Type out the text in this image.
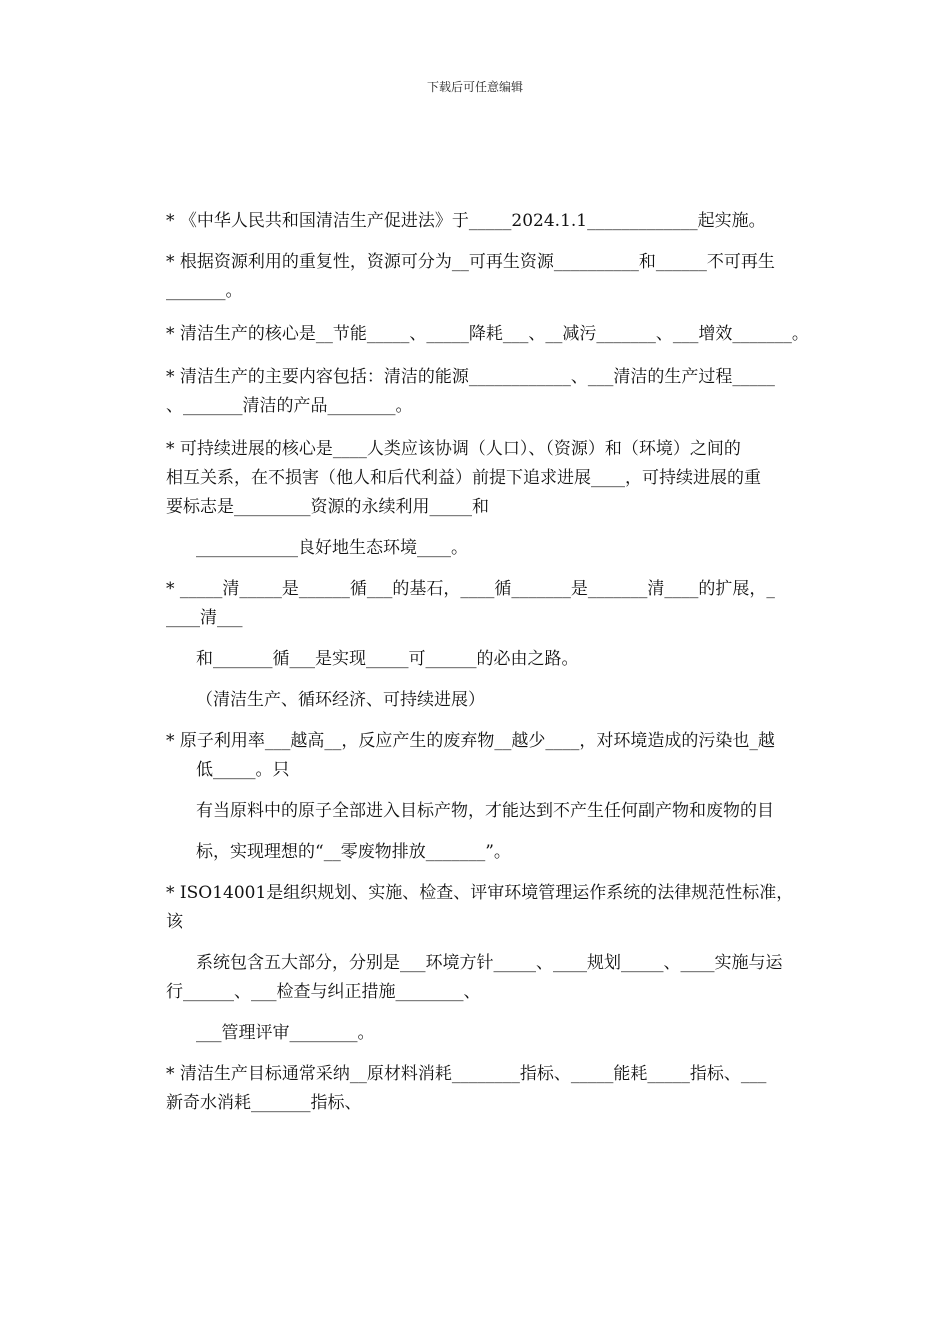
下载后可任意编辑

* 《中华人民共和国清洁生产促进法》于_____2024.1.1_____________起实施。

* 根据资源利用的重复性，资源可分为__可再生资源__________和______不可再生

_______。

* 清洁生产的核心是__节能_____、_____降耗___、__减污_______、___增效_______。

* 清洁生产的主要内容包括：清洁的能源____________、___清洁的生产过程_____

、_______清洁的产品________。

* 可持续进展的核心是____人类应该协调（人口）、（资源）和（环境）之间的

相互关系，在不损害（他人和后代利益）前提下追求进展____，可持续进展的重

要标志是_________资源的永续利用_____和

____________良好地生态环境____。

* _____清_____是______循___的基石，____循_______是_______清____的扩展，_

____清___

和_______循___是实现_____可______的必由之路。

（清洁生产、循环经济、可持续进展）

* 原子利用率___越高__，反应产生的废弃物__越少____，对环境造成的污染也_越

低_____。只

有当原料中的原子全部进入目标产物，才能达到不产生任何副产物和废物的目

标，实现理想的“__零废物排放_______”。

* ISO14001是组织规划、实施、检查、评审环境管理运作系统的法律规范性标准，

该

系统包含五大部分，分别是___环境方针_____、____规划_____、____实施与运

行______、___检查与纠正措施________、

___管理评审________。

* 清洁生产目标通常采纳__原材料消耗________指标、_____能耗_____指标、___

新奇水消耗_______指标、
